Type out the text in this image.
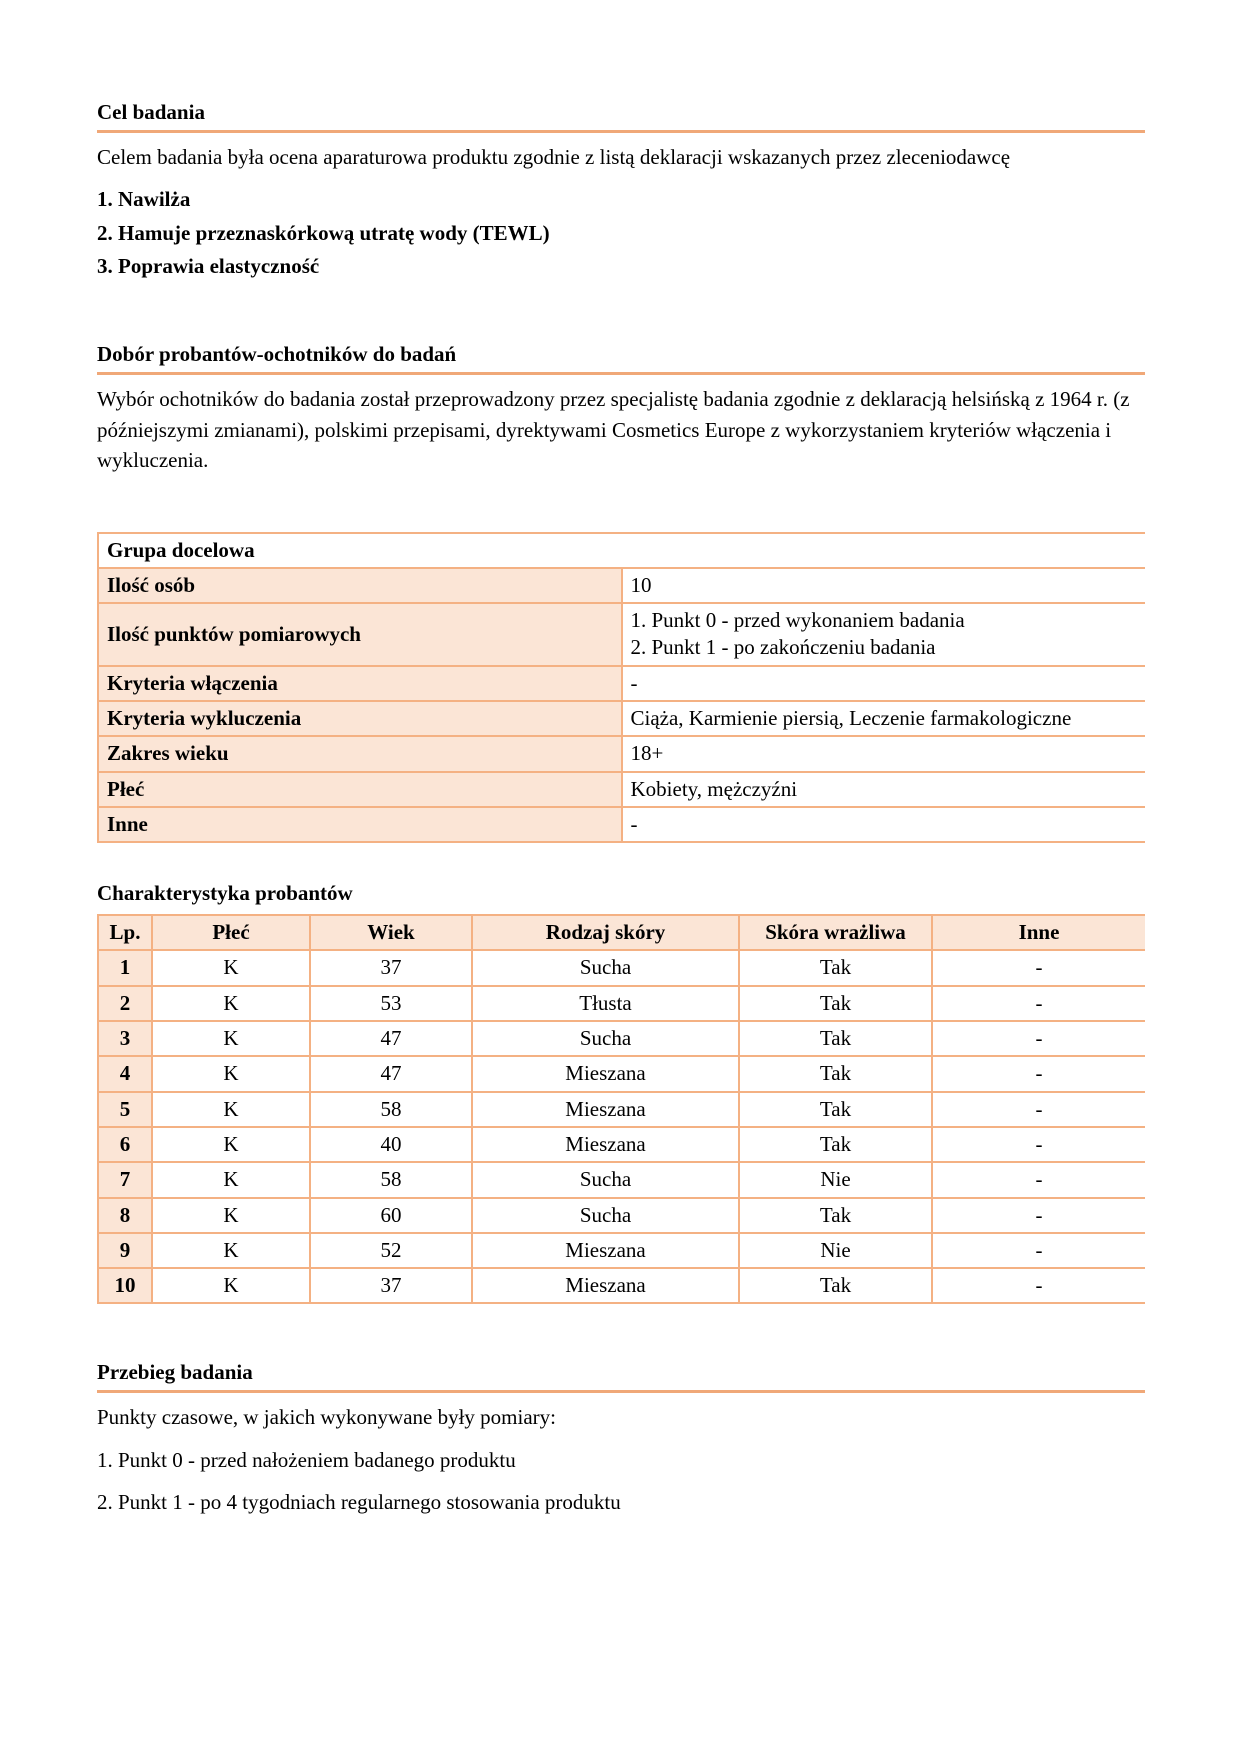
Cel badania
Celem badania była ocena aparaturowa produktu zgodnie z listą deklaracji wskazanych przez zleceniodawcę
1. Nawilża
2. Hamuje przeznaskórkową utratę wody (TEWL)
3. Poprawia elastyczność
Dobór probantów-ochotników do badań
Wybór ochotników do badania został przeprowadzony przez specjalistę badania zgodnie z deklaracją helsińską z 1964 r. (z późniejszymi zmianami), polskimi przepisami, dyrektywami Cosmetics Europe z wykorzystaniem kryteriów włączenia i wykluczenia.
Grupa docelowa	
Ilość osób	10

Ilość punktów pomiarowych	1. Punkt 0 - przed wykonaniem badania
2. Punkt 1 - po zakończeniu badania

Kryteria włączenia	-

Kryteria wykluczenia	Ciąża, Karmienie piersią, Leczenie farmakologiczne

Zakres wieku	18+

Płeć	Kobiety, mężczyźni

Inne	-
Charakterystyka probantów
Lp.	Płeć	Wiek	Rodzaj skóry	Skóra wrażliwa	Inne
1	K	37	Sucha	Tak	-
2	K	53	Tłusta	Tak	-
3	K	47	Sucha	Tak	-
4	K	47	Mieszana	Tak	-
5	K	58	Mieszana	Tak	-
6	K	40	Mieszana	Tak	-
7	K	58	Sucha	Nie	-
8	K	60	Sucha	Tak	-
9	K	52	Mieszana	Nie	-
10	K	37	Mieszana	Tak	-
Przebieg badania
Punkty czasowe, w jakich wykonywane były pomiary:
1. Punkt 0 - przed nałożeniem badanego produktu
2. Punkt 1 - po 4 tygodniach regularnego stosowania produktu
